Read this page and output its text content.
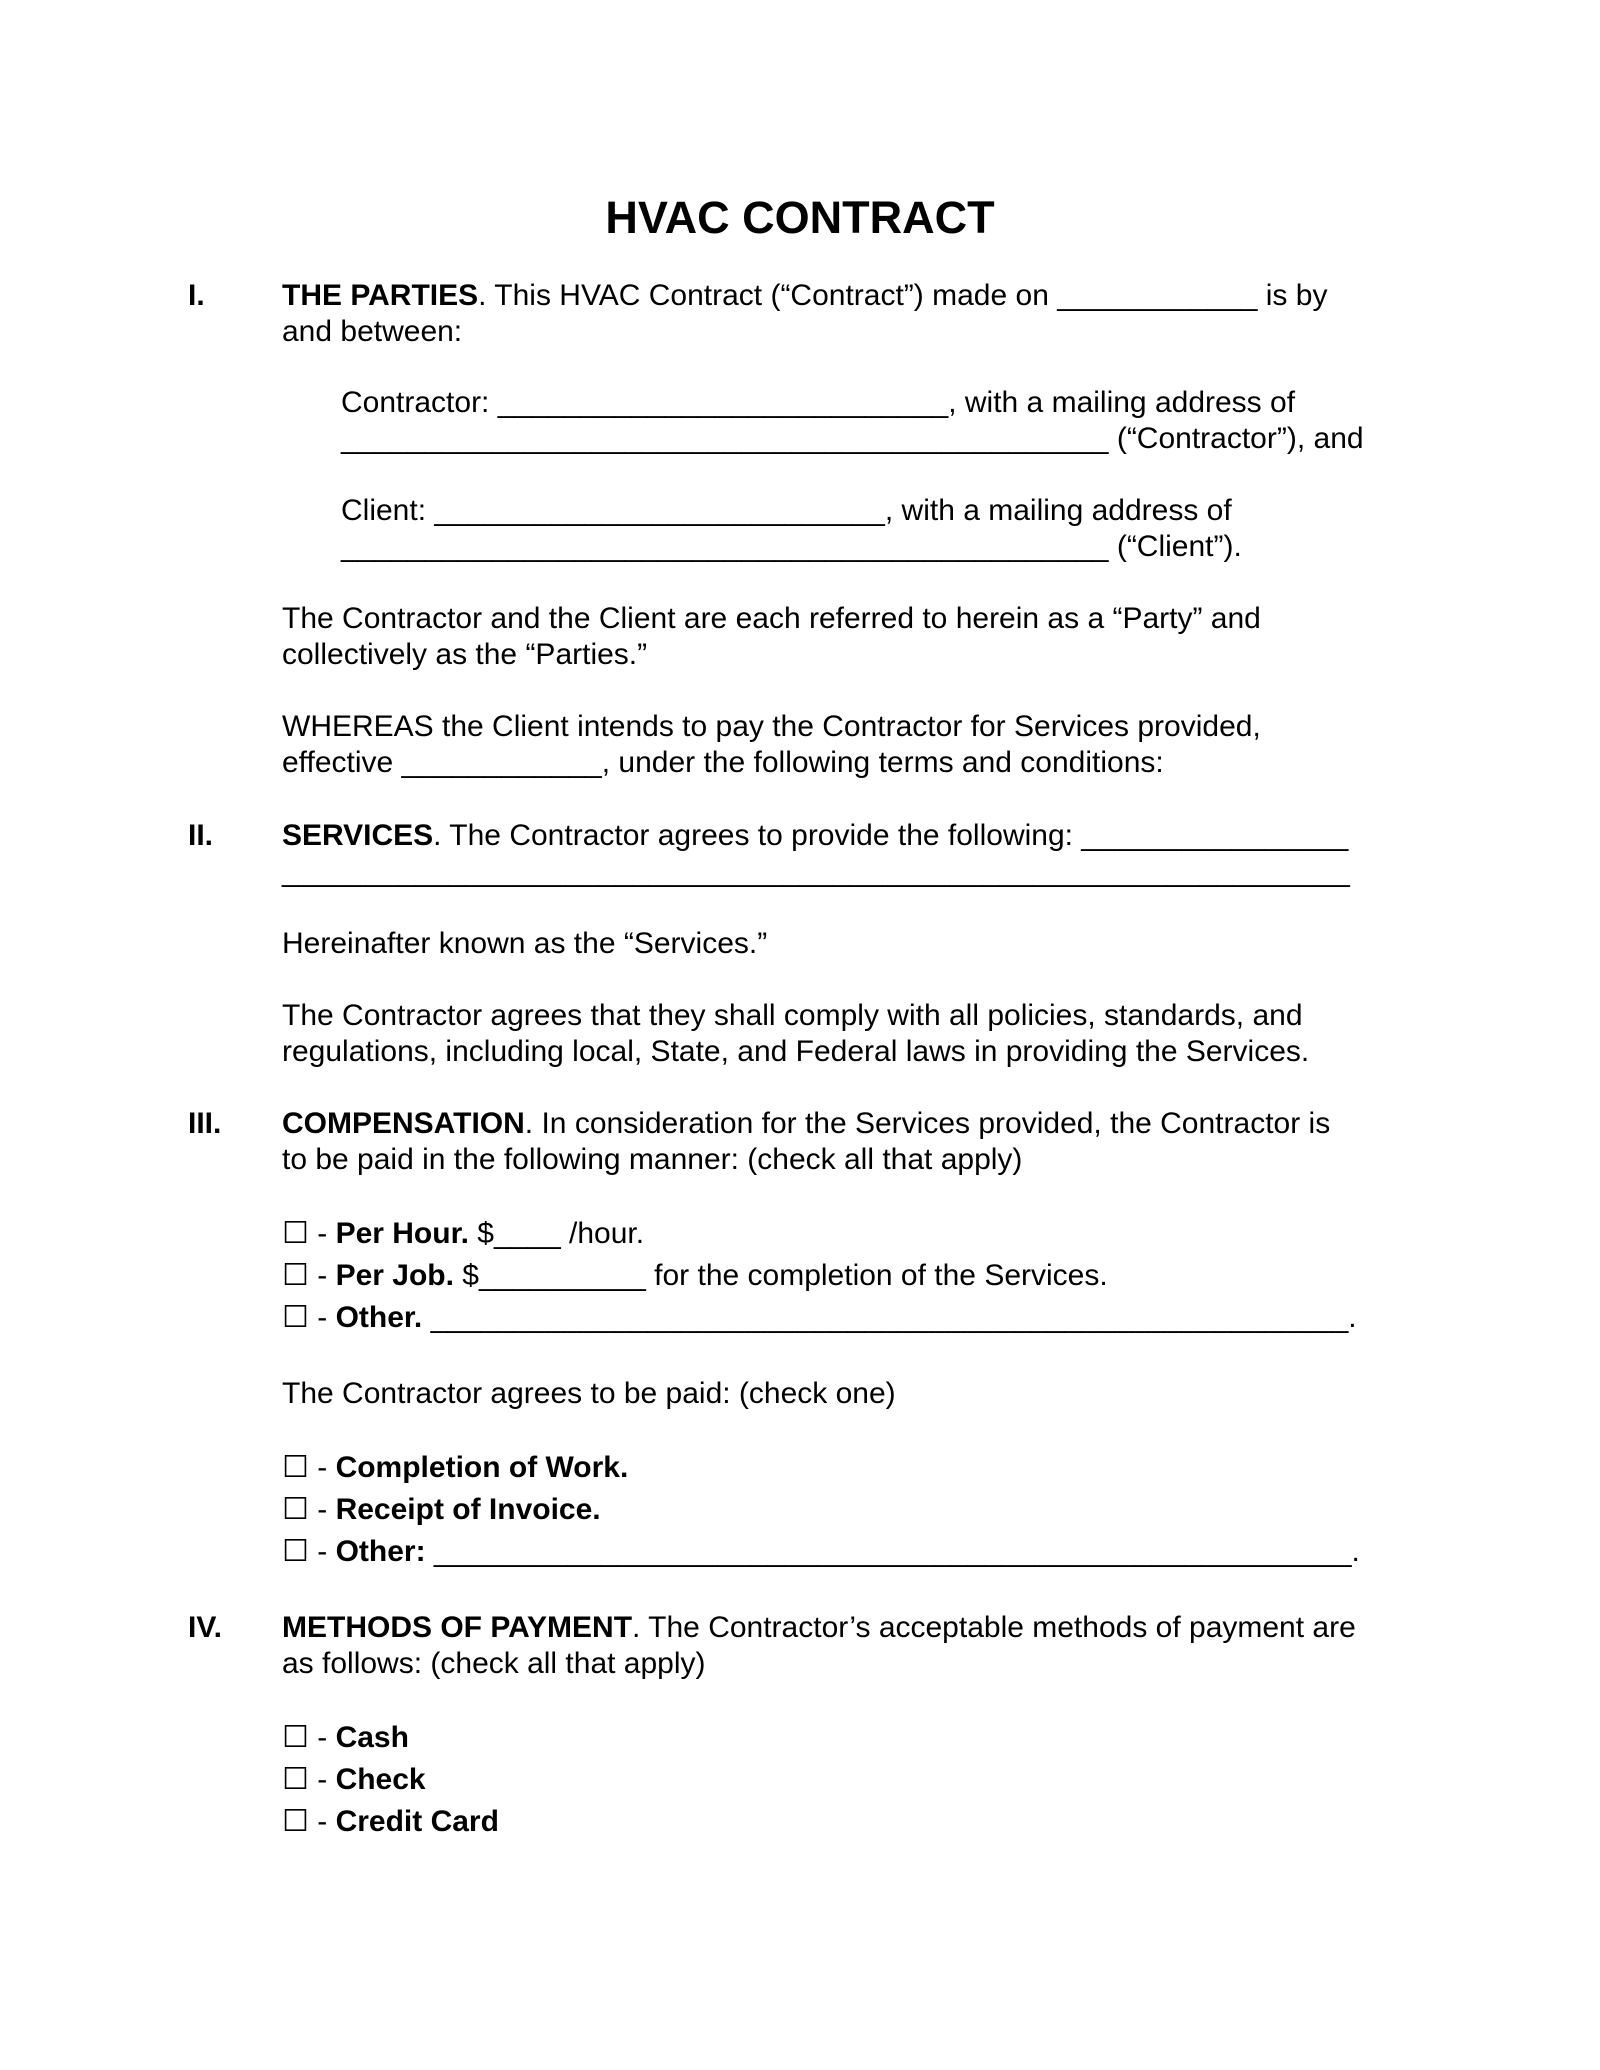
HVAC CONTRACT
I.	THE PARTIES. This HVAC Contract (“Contract”) made on ____________ is by
and between:
Contractor: ___________________________, with a mailing address of
______________________________________________ (“Contractor”), and
Client: ___________________________, with a mailing address of
______________________________________________ (“Client”).
The Contractor and the Client are each referred to herein as a “Party” and
collectively as the “Parties.”
WHEREAS the Client intends to pay the Contractor for Services provided,
effective ____________, under the following terms and conditions:
II. SERVICES. The Contractor agrees to provide the following: ________________
________________________________________________________________
Hereinafter known as the “Services.”
The Contractor agrees that they shall comply with all policies, standards, and
regulations, including local, State, and Federal laws in providing the Services.
III. COMPENSATION. In consideration for the Services provided, the Contractor is
to be paid in the following manner: (check all that apply)
☐ - Per Hour. $____ /hour.
☐ - Per Job. $__________ for the completion of the Services.
☐ - Other. _______________________________________________________.
The Contractor agrees to be paid: (check one)
☐ - Completion of Work.
☐ - Receipt of Invoice.
☐ - Other: _______________________________________________________.
IV. METHODS OF PAYMENT. The Contractor’s acceptable methods of payment are
as follows: (check all that apply)
☐ - Cash
☐ - Check
☐ - Credit Card
